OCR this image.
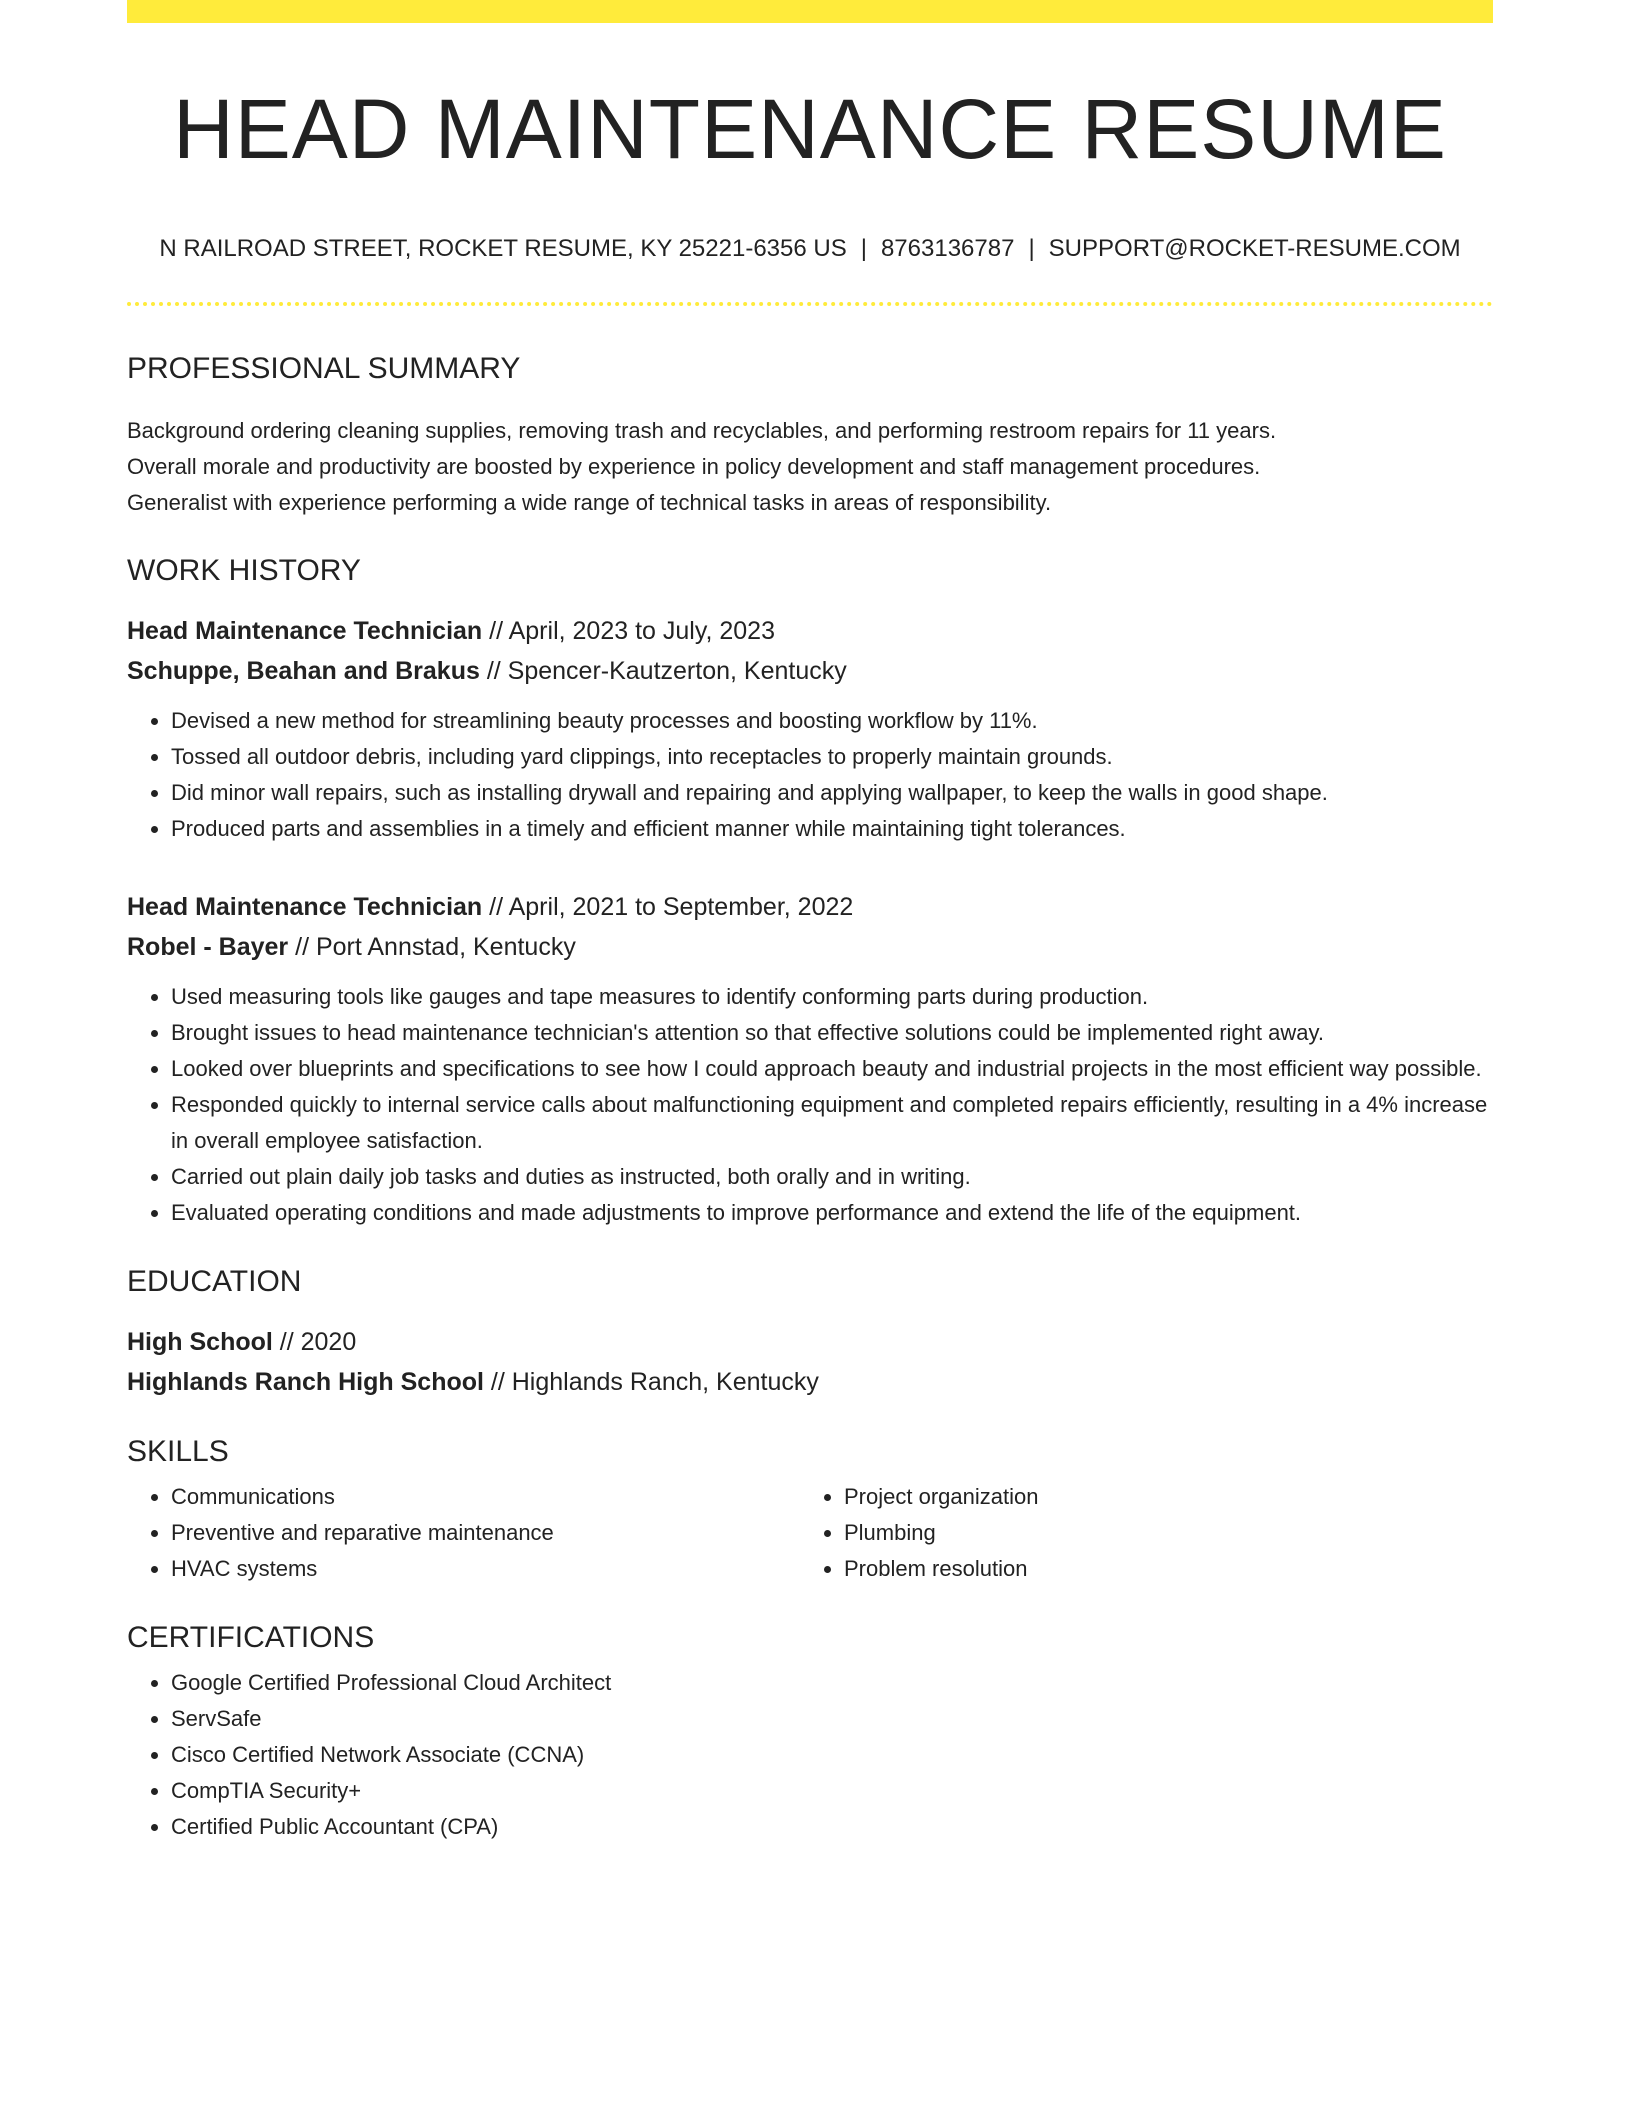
HEAD MAINTENANCE RESUME
N RAILROAD STREET, ROCKET RESUME, KY 25221-6356 US | 8763136787 | SUPPORT@ROCKET-RESUME.COM
PROFESSIONAL SUMMARY
Background ordering cleaning supplies, removing trash and recyclables, and performing restroom repairs for 11 years.
Overall morale and productivity are boosted by experience in policy development and staff management procedures.
Generalist with experience performing a wide range of technical tasks in areas of responsibility.
WORK HISTORY
Head Maintenance Technician // April, 2023 to July, 2023
Schuppe, Beahan and Brakus // Spencer-Kautzerton, Kentucky
• Devised a new method for streamlining beauty processes and boosting workflow by 11%.
• Tossed all outdoor debris, including yard clippings, into receptacles to properly maintain grounds.
• Did minor wall repairs, such as installing drywall and repairing and applying wallpaper, to keep the walls in good shape.
• Produced parts and assemblies in a timely and efficient manner while maintaining tight tolerances.
Head Maintenance Technician // April, 2021 to September, 2022
Robel - Bayer // Port Annstad, Kentucky
• Used measuring tools like gauges and tape measures to identify conforming parts during production.
• Brought issues to head maintenance technician's attention so that effective solutions could be implemented right away.
• Looked over blueprints and specifications to see how I could approach beauty and industrial projects in the most efficient way possible.
• Responded quickly to internal service calls about malfunctioning equipment and completed repairs efficiently, resulting in a 4% increase in overall employee satisfaction.
• Carried out plain daily job tasks and duties as instructed, both orally and in writing.
• Evaluated operating conditions and made adjustments to improve performance and extend the life of the equipment.
EDUCATION
High School // 2020
Highlands Ranch High School // Highlands Ranch, Kentucky
SKILLS
• Communications
• Preventive and reparative maintenance
• HVAC systems
• Project organization
• Plumbing
• Problem resolution
CERTIFICATIONS
• Google Certified Professional Cloud Architect
• ServSafe
• Cisco Certified Network Associate (CCNA)
• CompTIA Security+
• Certified Public Accountant (CPA)
